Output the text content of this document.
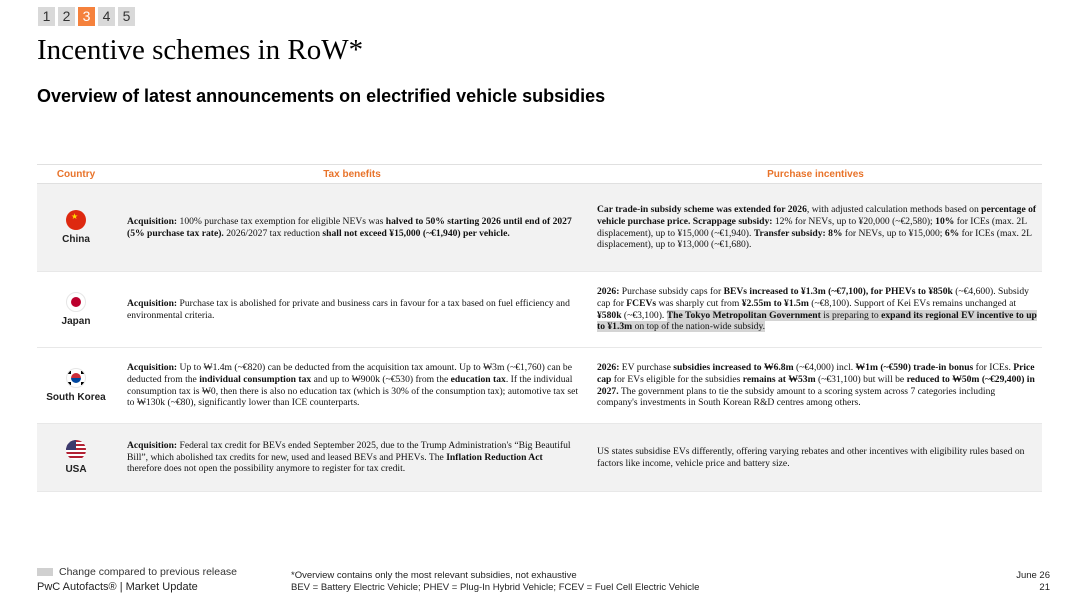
1 2 3 4 5
Incentive schemes in RoW*
Overview of latest announcements on electrified vehicle subsidies
Country	Tax benefits	Purchase incentives
★
China
Acquisition: 100% purchase tax exemption for eligible NEVs was halved to 50% starting 2026 until end of 2027 (5% purchase tax rate). 2026/2027 tax reduction shall not exceed ¥15,000 (~€1,940) per vehicle.
Car trade-in subsidy scheme was extended for 2026, with adjusted calculation methods based on percentage of vehicle purchase price. Scrappage subsidy: 12% for NEVs, up to ¥20,000 (~€2,580); 10% for ICEs (max. 2L displacement), up to ¥15,000 (~€1,940). Transfer subsidy: 8% for NEVs, up to ¥15,000; 6% for ICEs (max. 2L displacement), up to ¥13,000 (~€1,680).
Japan
Acquisition: Purchase tax is abolished for private and business cars in favour for a tax based on fuel efficiency and environmental criteria.
2026: Purchase subsidy caps for BEVs increased to ¥1.3m (~€7,100), for PHEVs to ¥850k (~€4,600). Subsidy cap for FCEVs was sharply cut from ¥2.55m to ¥1.5m (~€8,100). Support of Kei EVs remains unchanged at ¥580k (~€3,100). The Tokyo Metropolitan Government is preparing to expand its regional EV incentive to up to ¥1.3m on top of the nation-wide subsidy.
South Korea
Acquisition: Up to ₩1.4m (~€820) can be deducted from the acquisition tax amount. Up to ₩3m (~€1,760) can be deducted from the individual consumption tax and up to ₩900k (~€530) from the education tax. If the individual consumption tax is ₩0, then there is also no education tax (which is 30% of the consumption tax); automotive tax set to ₩130k (~€80), significantly lower than ICE counterparts.
2026: EV purchase subsidies increased to ₩6.8m (~€4,000) incl. ₩1m (~€590) trade-in bonus for ICEs. Price cap for EVs eligible for the subsidies remains at ₩53m (~€31,100) but will be reduced to ₩50m (~€29,400) in 2027. The government plans to tie the subsidy amount to a scoring system across 7 categories including company's investments in South Korean R&D centres among others.
USA
Acquisition: Federal tax credit for BEVs ended September 2025, due to the Trump Administration's “Big Beautiful Bill”, which abolished tax credits for new, used and leased BEVs and PHEVs. The Inflation Reduction Act therefore does not open the possibility anymore to register for tax credit.
US states subsidise EVs differently, offering varying rebates and other incentives with eligibility rules based on factors like income, vehicle price and battery size.
Change compared to previous release
PwC Autofacts® | Market Update
*Overview contains only the most relevant subsidies, not exhaustive
BEV = Battery Electric Vehicle; PHEV = Plug-In Hybrid Vehicle; FCEV = Fuel Cell Electric Vehicle
June 26
21
